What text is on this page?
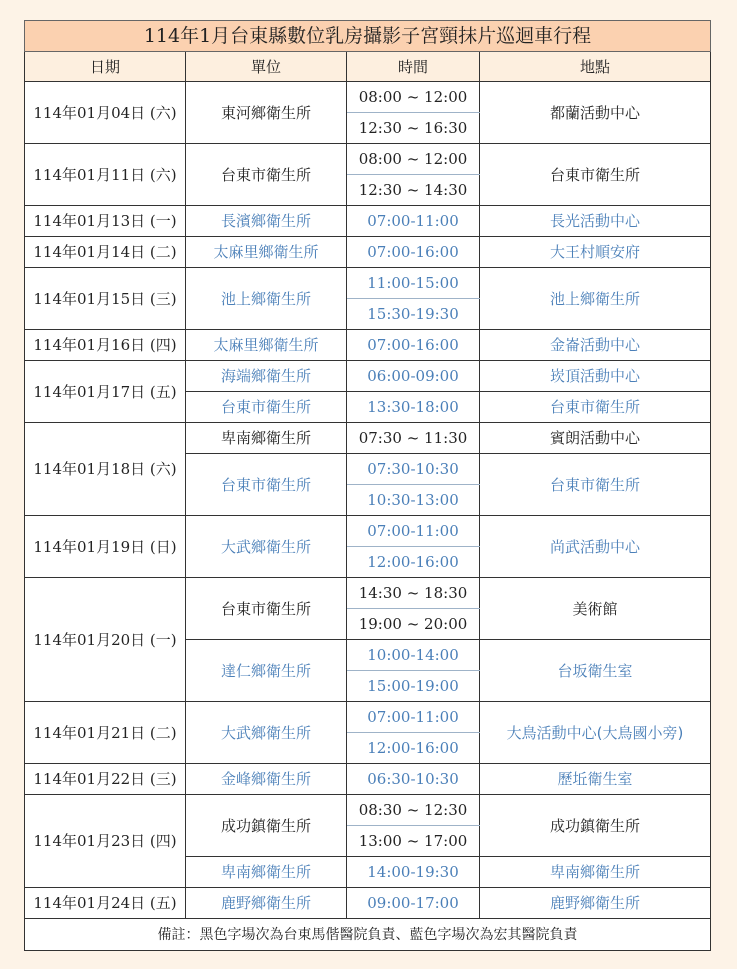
114年1月台東縣數位乳房攝影子宮頸抹片巡迴車行程			
日期	單位	時間	地點
114年01月04日 (六)	東河鄉衛生所	08:00 ~ 12:00	都蘭活動中心
		12:30 ~ 16:30	
114年01月11日 (六)	台東市衛生所	08:00 ~ 12:00	台東市衛生所
		12:30 ~ 14:30	
114年01月13日 (一)	長濱鄉衛生所	07:00-11:00	長光活動中心
114年01月14日 (二)	太麻里鄉衛生所	07:00-16:00	大王村順安府
114年01月15日 (三)	池上鄉衛生所	11:00-15:00	池上鄉衛生所
		15:30-19:30	
114年01月16日 (四)	太麻里鄉衛生所	07:00-16:00	金崙活動中心
114年01月17日 (五)	海端鄉衛生所	06:00-09:00	崁頂活動中心
	台東市衛生所	13:30-18:00	台東市衛生所
114年01月18日 (六)	卑南鄉衛生所	07:30 ~ 11:30	賓朗活動中心
	台東市衛生所	07:30-10:30	台東市衛生所
		10:30-13:00	
114年01月19日 (日)	大武鄉衛生所	07:00-11:00	尚武活動中心
		12:00-16:00	
114年01月20日 (一)	台東市衛生所	14:30 ~ 18:30	美術館
		19:00 ~ 20:00	
	達仁鄉衛生所	10:00-14:00	台坂衛生室
		15:00-19:00	
114年01月21日 (二)	大武鄉衛生所	07:00-11:00	大鳥活動中心(大鳥國小旁)
		12:00-16:00	
114年01月22日 (三)	金峰鄉衛生所	06:30-10:30	歷坵衛生室
114年01月23日 (四)	成功鎮衛生所	08:30 ~ 12:30	成功鎮衛生所
		13:00 ~ 17:00	
	卑南鄉衛生所	14:00-19:30	卑南鄉衛生所
114年01月24日 (五)	鹿野鄉衛生所	09:00-17:00	鹿野鄉衛生所
備註：黑色字場次為台東馬偕醫院負責、藍色字場次為宏其醫院負責			
